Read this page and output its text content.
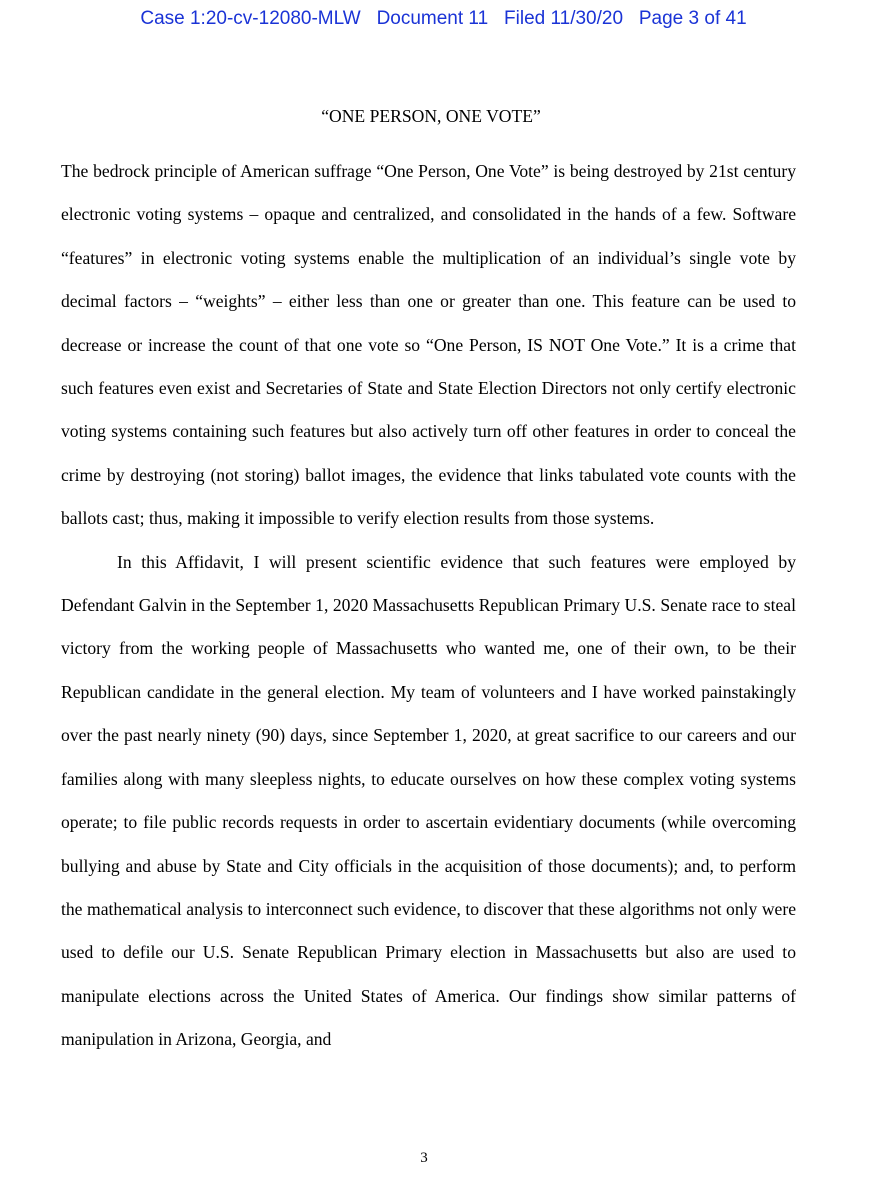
Case 1:20-cv-12080-MLW Document 11 Filed 11/30/20 Page 3 of 41
“ONE PERSON, ONE VOTE”

The bedrock principle of American suffrage “One Person, One Vote” is being destroyed by 21st century electronic voting systems – opaque and centralized, and consolidated in the hands of a few. Software “features” in electronic voting systems enable the multiplication of an individual’s single vote by decimal factors – “weights” – either less than one or greater than one. This feature can be used to decrease or increase the count of that one vote so “One Person, IS NOT One Vote.” It is a crime that such features even exist and Secretaries of State and State Election Directors not only certify electronic voting systems containing such features but also actively turn off other features in order to conceal the crime by destroying (not storing) ballot images, the evidence that links tabulated vote counts with the ballots cast; thus, making it impossible to verify election results from those systems.

In this Affidavit, I will present scientific evidence that such features were employed by Defendant Galvin in the September 1, 2020 Massachusetts Republican Primary U.S. Senate race to steal victory from the working people of Massachusetts who wanted me, one of their own, to be their Republican candidate in the general election. My team of volunteers and I have worked painstakingly over the past nearly ninety (90) days, since September 1, 2020, at great sacrifice to our careers and our families along with many sleepless nights, to educate ourselves on how these complex voting systems operate; to file public records requests in order to ascertain evidentiary documents (while overcoming bullying and abuse by State and City officials in the acquisition of those documents); and, to perform the mathematical analysis to interconnect such evidence, to discover that these algorithms not only were used to defile our U.S. Senate Republican Primary election in Massachusetts but also are used to manipulate elections across the United States of America. Our findings show similar patterns of manipulation in Arizona, Georgia, and

3
